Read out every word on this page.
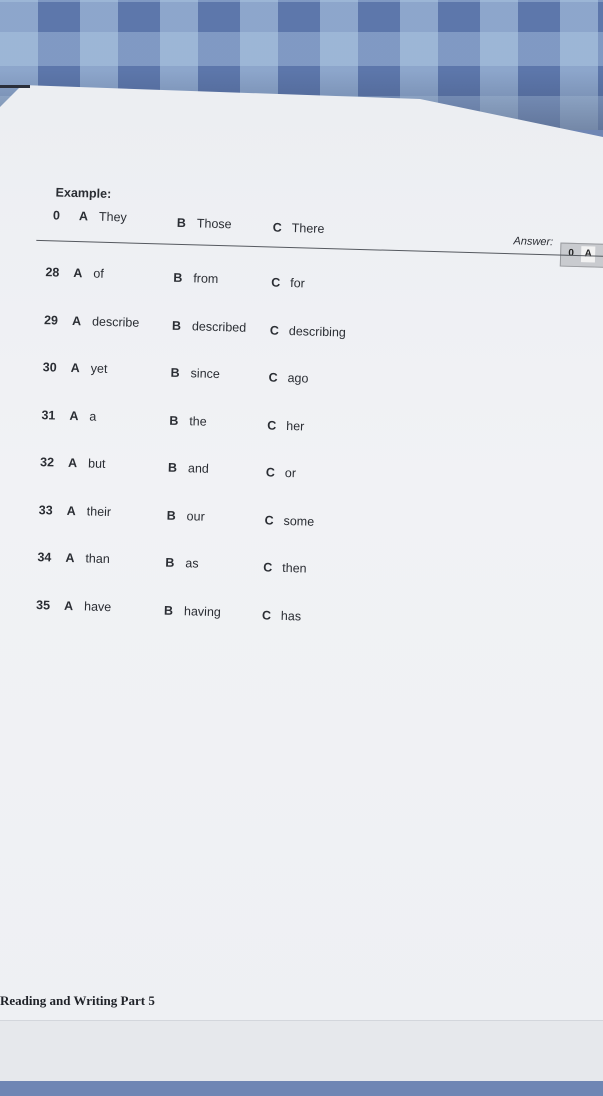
Example:
0 A They	B Those	C There
Answer:
0	A
28 A of	B from	C for
29 A describe	B described C describing
30 A yet	B since	C ago
31 A a	B the	C her
32 A but	B and	C or
33 A their	B our	C some
34 A than	B as	C then
35 A have	B having	C has
Reading and Writing Part 5
